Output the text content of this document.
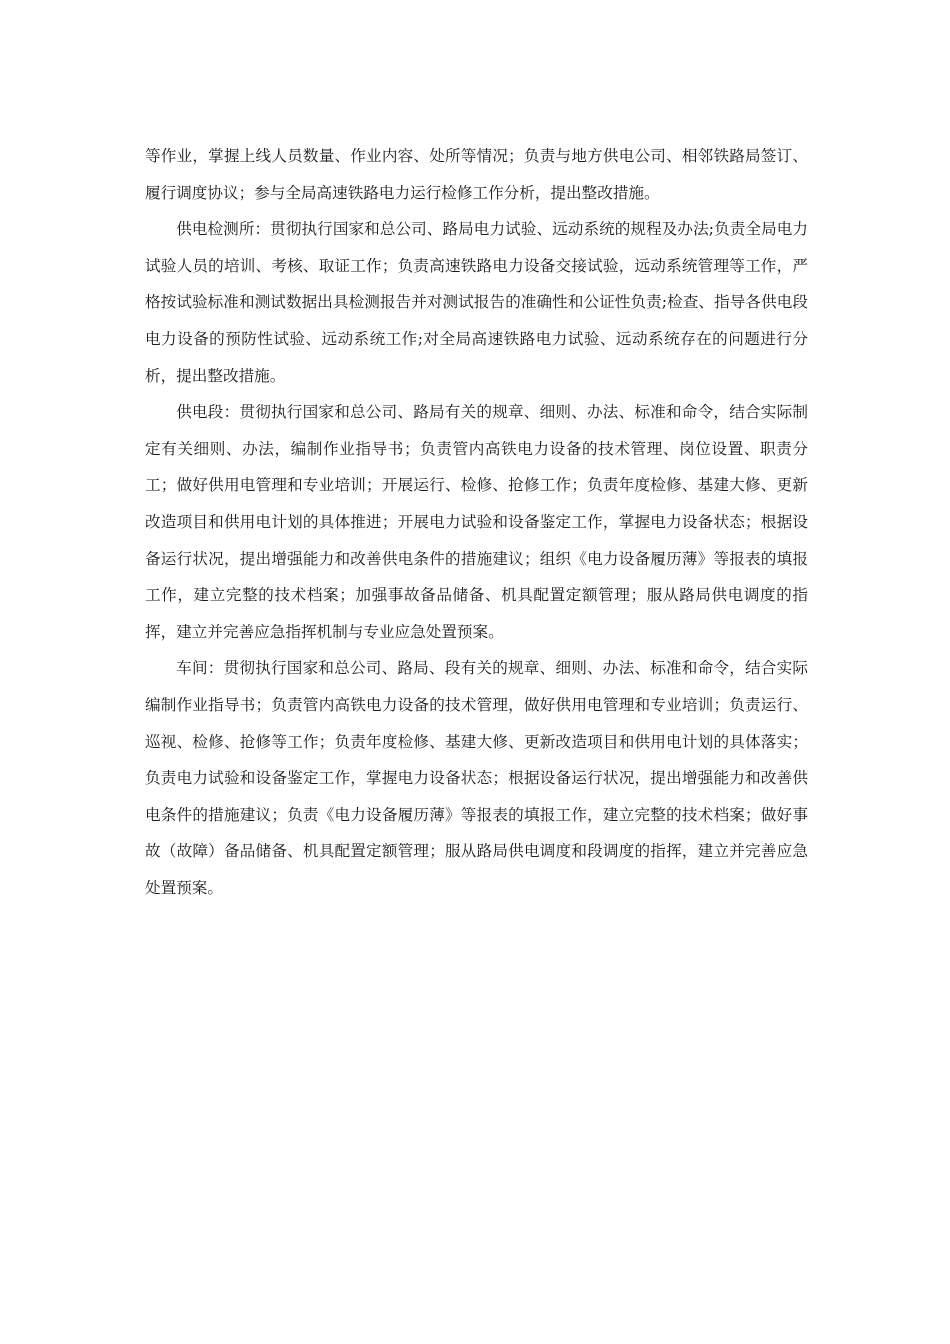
等作业，掌握上线人员数量、作业内容、处所等情况；负责与地方供电公司、相邻铁路局签订、履行调度协议；参与全局高速铁路电力运行检修工作分析，提出整改措施。

供电检测所：贯彻执行国家和总公司、路局电力试验、远动系统的规程及办法;负责全局电力试验人员的培训、考核、取证工作；负责高速铁路电力设备交接试验，远动系统管理等工作，严格按试验标准和测试数据出具检测报告并对测试报告的准确性和公证性负责;检查、指导各供电段电力设备的预防性试验、远动系统工作;对全局高速铁路电力试验、远动系统存在的问题进行分析，提出整改措施。

供电段：贯彻执行国家和总公司、路局有关的规章、细则、办法、标准和命令，结合实际制定有关细则、办法，编制作业指导书；负责管内高铁电力设备的技术管理、岗位设置、职责分工；做好供用电管理和专业培训；开展运行、检修、抢修工作；负责年度检修、基建大修、更新改造项目和供用电计划的具体推进；开展电力试验和设备鉴定工作，掌握电力设备状态；根据设备运行状况，提出增强能力和改善供电条件的措施建议；组织《电力设备履历薄》等报表的填报工作，建立完整的技术档案；加强事故备品储备、机具配置定额管理；服从路局供电调度的指挥，建立并完善应急指挥机制与专业应急处置预案。

车间：贯彻执行国家和总公司、路局、段有关的规章、细则、办法、标准和命令，结合实际编制作业指导书；负责管内高铁电力设备的技术管理，做好供用电管理和专业培训；负责运行、巡视、检修、抢修等工作；负责年度检修、基建大修、更新改造项目和供用电计划的具体落实；负责电力试验和设备鉴定工作，掌握电力设备状态；根据设备运行状况，提出增强能力和改善供电条件的措施建议；负责《电力设备履历薄》等报表的填报工作，建立完整的技术档案；做好事故（故障）备品储备、机具配置定额管理；服从路局供电调度和段调度的指挥，建立并完善应急处置预案。
